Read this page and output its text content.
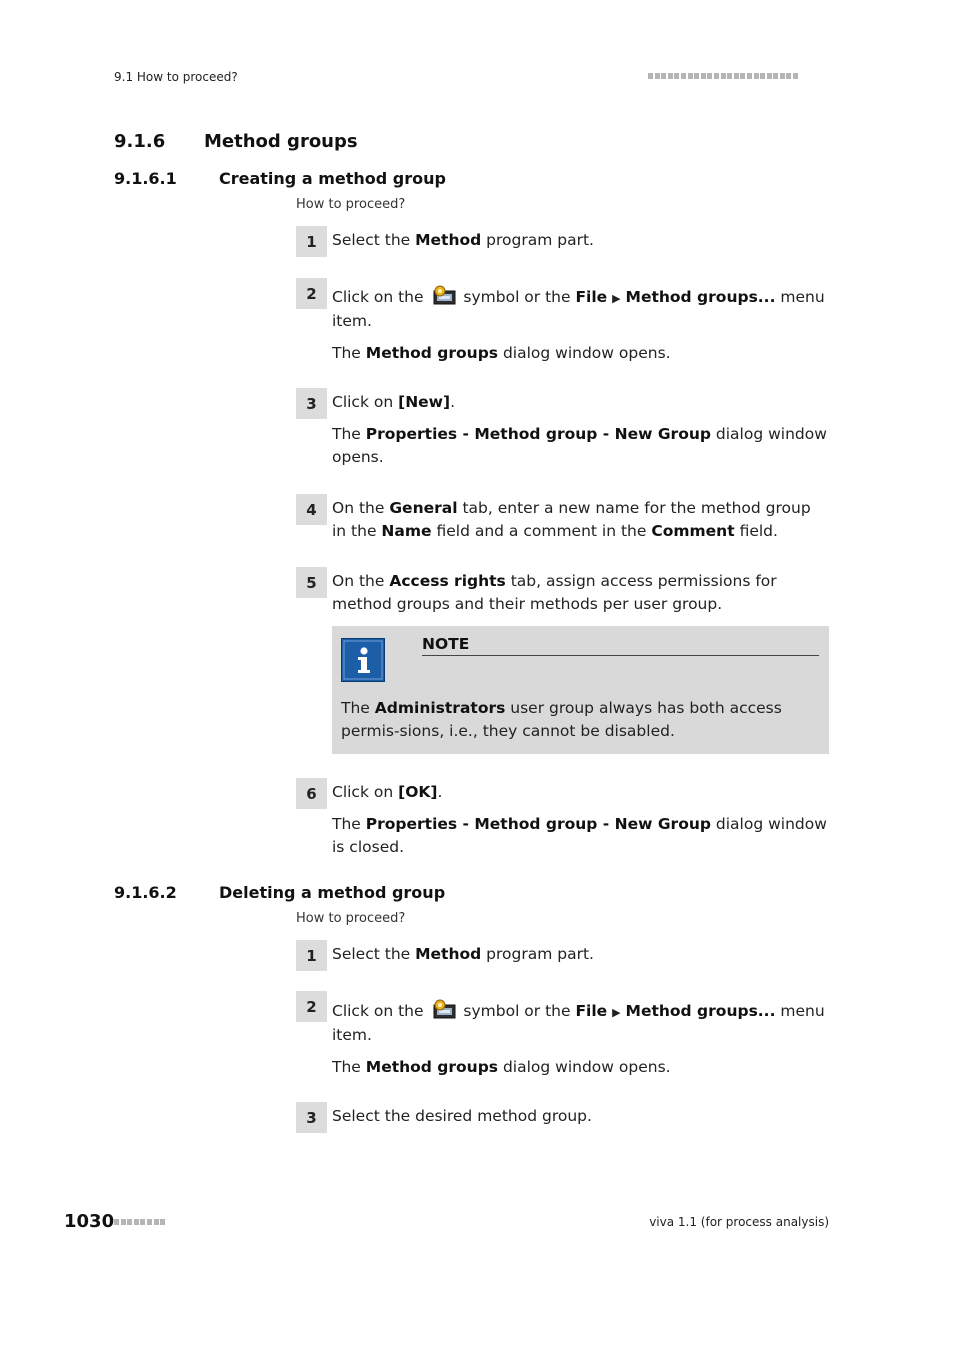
9.1 How to proceed?
9.1.6 Method groups
9.1.6.1	Creating a method group
How to proceed?
1 Select the Method program part.

2 Click on the  symbol or the File ▶ Method groups... menu item.

The Method groups dialog window opens.

3 Click on [New].

The Properties - Method group - New Group dialog window opens.

4 On the General tab, enter a new name for the method group in the Name field and a comment in the Comment field.

5 On the Access rights tab, assign access permissions for method groups and their methods per user group.

NOTE
The Administrators user group always has both access permis-sions, i.e., they cannot be disabled.
6 Click on [OK].

The Properties - Method group - New Group dialog window is closed.

9.1.6.2	Deleting a method group
How to proceed?
1 Select the Method program part.

2 Click on the  symbol or the File ▶ Method groups... menu item.

The Method groups dialog window opens.

3 Select the desired method group.

1030	viva 1.1 (for process analysis)
